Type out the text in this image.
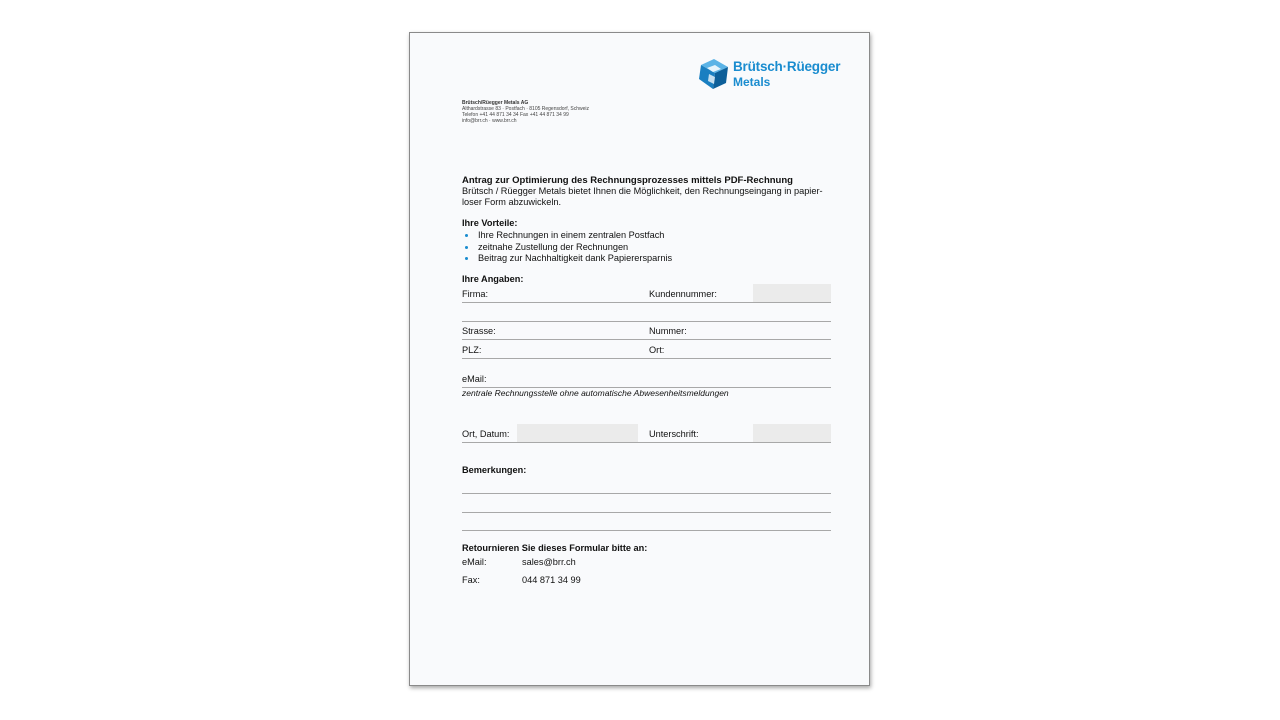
Brütsch·Rüegger
Metals
Brütsch/Rüegger Metals AG
Althardstrasse 83 · Postfach · 8105 Regensdorf, Schweiz
Telefon +41 44 871 34 34 Fax +41 44 871 34 99
info@brr.ch · www.brr.ch
Antrag zur Optimierung des Rechnungsprozesses mittels PDF-Rechnung
Brütsch / Rüegger Metals bietet Ihnen die Möglichkeit, den Rechnungseingang in papier-
loser Form abzuwickeln.
Ihre Vorteile:
Ihre Rechnungen in einem zentralen Postfach
zeitnahe Zustellung der Rechnungen
Beitrag zur Nachhaltigkeit dank Papierersparnis
Ihre Angaben:
Firma:	Kundennummer:
Strasse:	Nummer:
PLZ:	Ort:
eMail:
zentrale Rechnungsstelle ohne automatische Abwesenheitsmeldungen
Ort, Datum:	Unterschrift:
Bemerkungen:
Retournieren Sie dieses Formular bitte an:
eMail:	sales@brr.ch
Fax:	044 871 34 99
